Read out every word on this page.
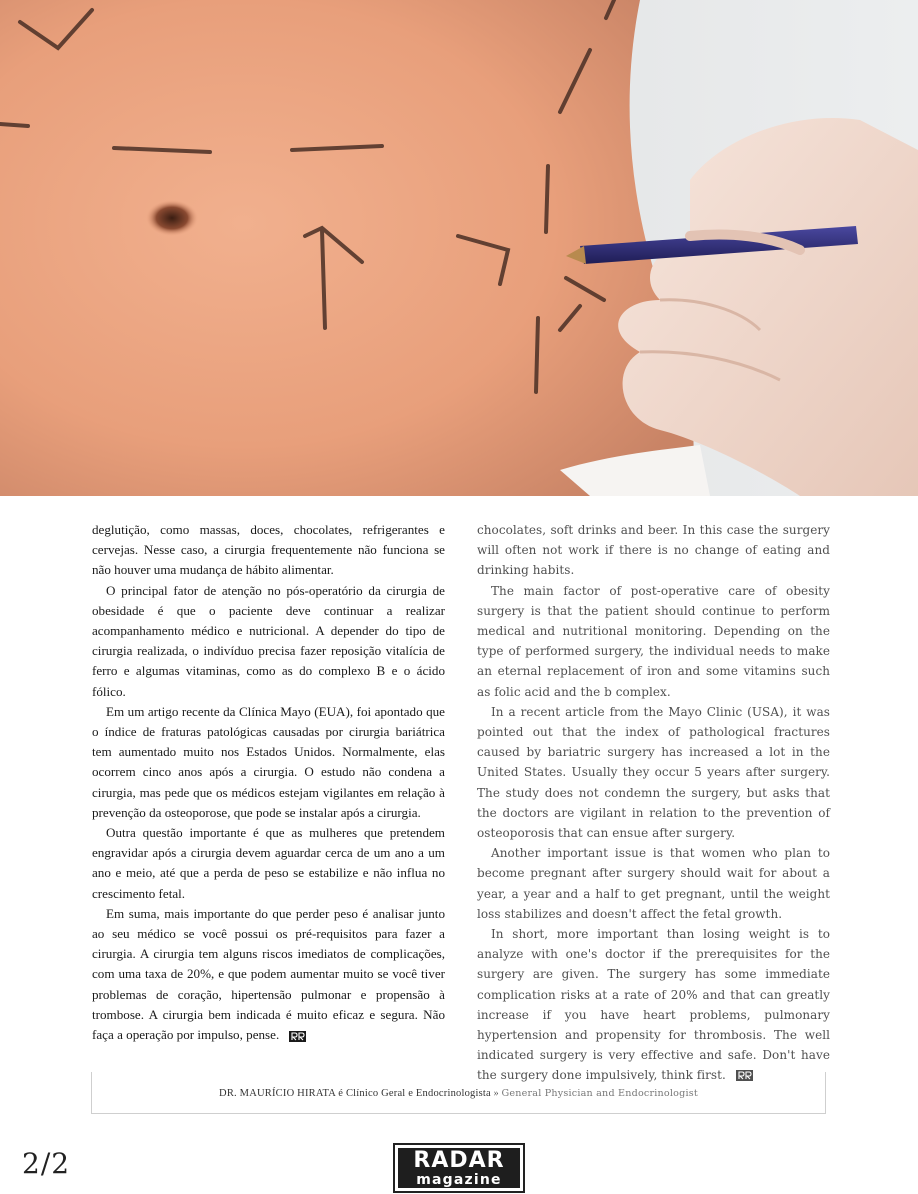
deglutição, como massas, doces, chocolates, refrigerantes e cervejas. Nesse caso, a cirurgia frequentemente não funciona se não houver uma mudança de hábito alimentar.

O principal fator de atenção no pós-operatório da cirurgia de obesidade é que o paciente deve continuar a realizar acompanhamento médico e nutricional. A depender do tipo de cirurgia realizada, o indivíduo precisa fazer reposição vitalícia de ferro e algumas vitaminas, como as do complexo B e o ácido fólico.

Em um artigo recente da Clínica Mayo (EUA), foi apontado que o índice de fraturas patológicas causadas por cirurgia bariátrica tem aumentado muito nos Estados Unidos. Normalmente, elas ocorrem cinco anos após a cirurgia. O estudo não condena a cirurgia, mas pede que os médicos estejam vigilantes em relação à prevenção da osteoporose, que pode se instalar após a cirurgia.

Outra questão importante é que as mulheres que pretendem engravidar após a cirurgia devem aguardar cerca de um ano a um ano e meio, até que a perda de peso se estabilize e não influa no crescimento fetal.

Em suma, mais importante do que perder peso é analisar junto ao seu médico se você possui os pré-requisitos para fazer a cirurgia. A cirurgia tem alguns riscos imediatos de complicações, com uma taxa de 20%, e que podem aumentar muito se você tiver problemas de coração, hipertensão pulmonar e propensão à trombose. A cirurgia bem indicada é muito eficaz e segura. Não faça a operação por impulso, pense.

chocolates, soft drinks and beer. In this case the surgery will often not work if there is no change of eating and drinking habits.

The main factor of post-operative care of obesity surgery is that the patient should continue to perform medical and nutritional monitoring. Depending on the type of performed surgery, the individual needs to make an eternal replacement of iron and some vitamins such as folic acid and the b complex.

In a recent article from the Mayo Clinic (USA), it was pointed out that the index of pathological fractures caused by bariatric surgery has increased a lot in the United States. Usually they occur 5 years after surgery. The study does not condemn the surgery, but asks that the doctors are vigilant in relation to the prevention of osteoporosis that can ensue after surgery.

Another important issue is that women who plan to become pregnant after surgery should wait for about a year, a year and a half to get pregnant, until the weight loss stabilizes and doesn't affect the fetal growth.

In short, more important than losing weight is to analyze with one's doctor if the prerequisites for the surgery are given. The surgery has some immediate complication risks at a rate of 20% and that can greatly increase if you have heart problems, pulmonary hypertension and propensity for thrombosis. The well indicated surgery is very effective and safe. Don't have the surgery done impulsively, think first.

DR. MAURÍCIO HIRATA é Clínico Geral e Endocrinologista » General Physician and Endocrinologist
2/2	RADAR
magazine
